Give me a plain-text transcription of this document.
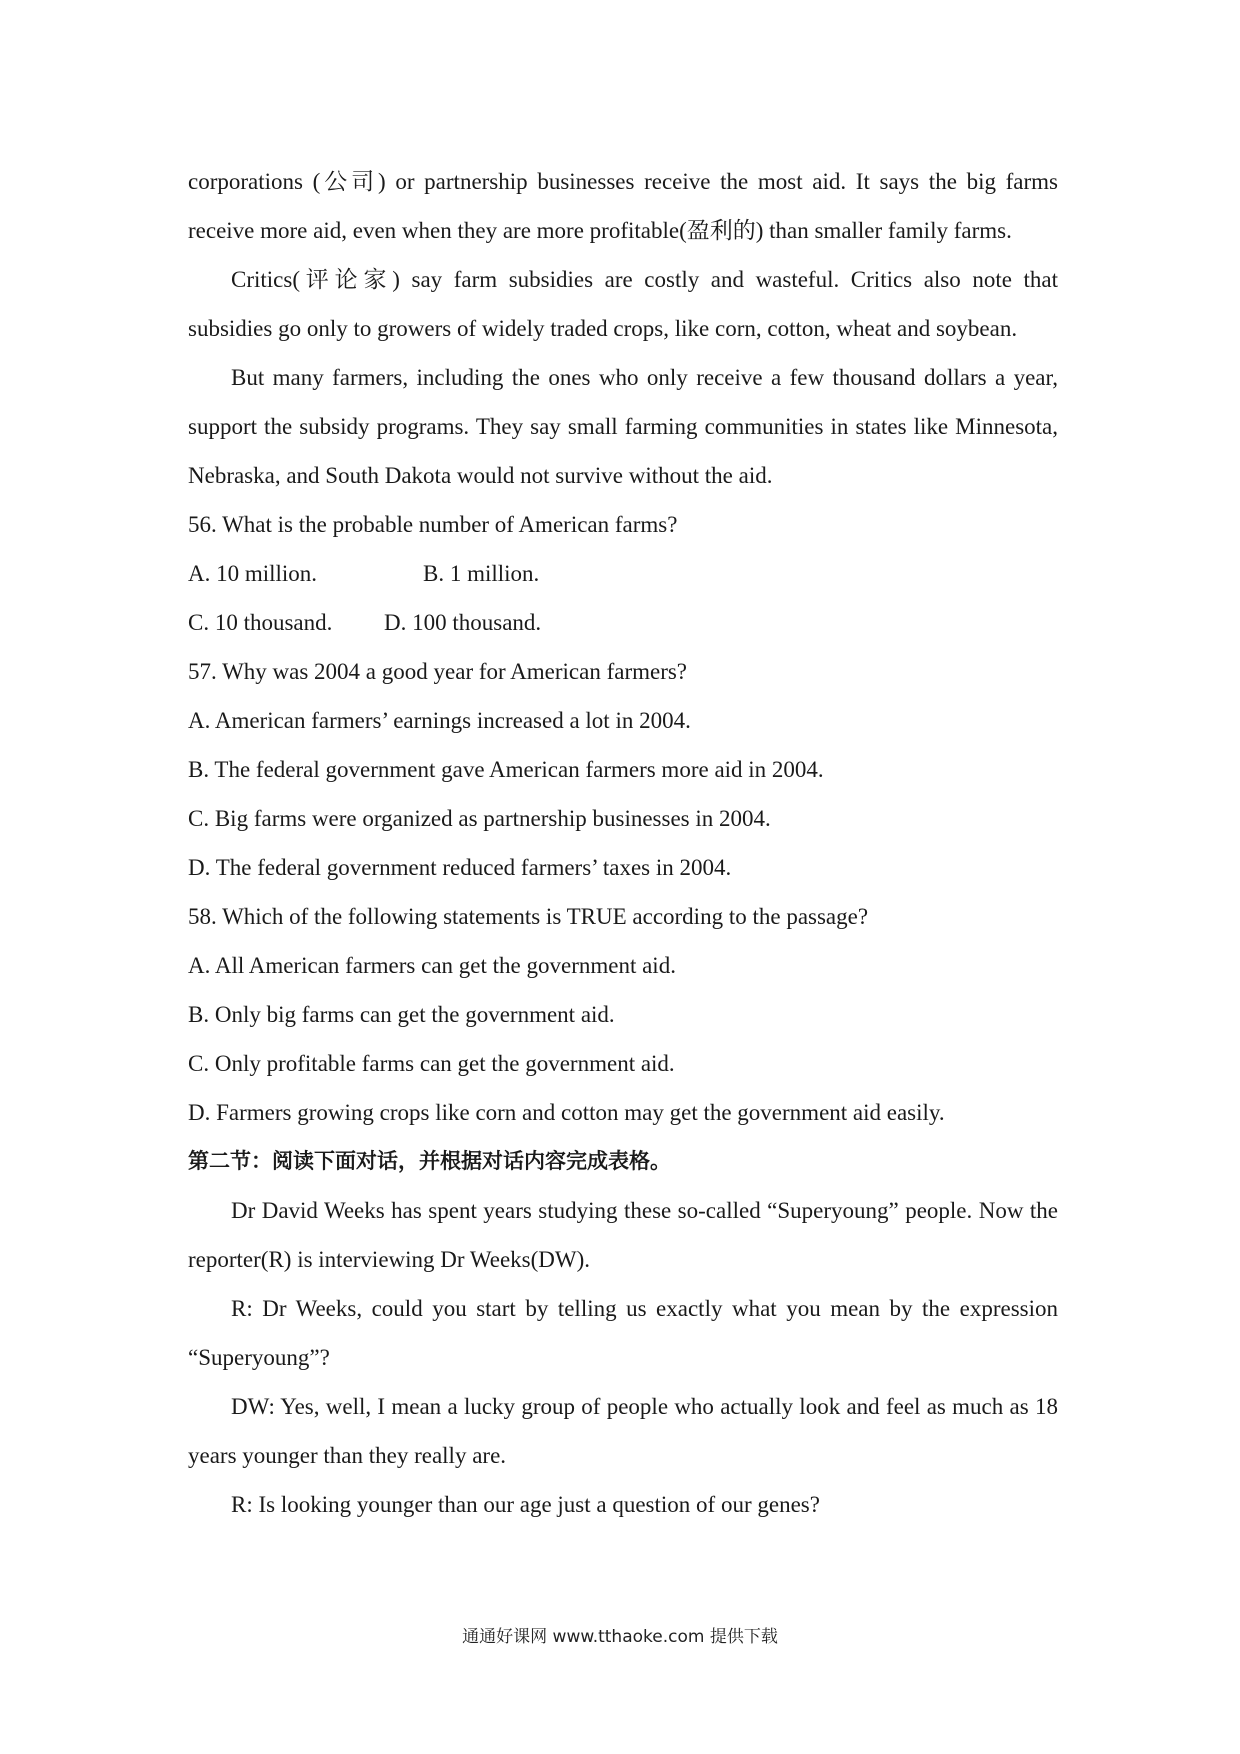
corporations (公司) or partnership businesses receive the most aid. It says the big farms receive more aid, even when they are more profitable(盈利的) than smaller family farms.

Critics(评论家) say farm subsidies are costly and wasteful. Critics also note that subsidies go only to growers of widely traded crops, like corn, cotton, wheat and soybean.

But many farmers, including the ones who only receive a few thousand dollars a year, support the subsidy programs. They say small farming communities in states like Minnesota, Nebraska, and South Dakota would not survive without the aid.

56. What is the probable number of American farms?

A. 10 million.	B. 1 million.

C. 10 thousand. D. 100 thousand.

57. Why was 2004 a good year for American farmers?

A. American farmers’ earnings increased a lot in 2004.

B. The federal government gave American farmers more aid in 2004.

C. Big farms were organized as partnership businesses in 2004.

D. The federal government reduced farmers’ taxes in 2004.

58. Which of the following statements is TRUE according to the passage?

A. All American farmers can get the government aid.

B. Only big farms can get the government aid.

C. Only profitable farms can get the government aid.

D. Farmers growing crops like corn and cotton may get the government aid easily.

第二节：阅读下面对话，并根据对话内容完成表格。

Dr David Weeks has spent years studying these so-called “Superyoung” people. Now the reporter(R) is interviewing Dr Weeks(DW).

R: Dr Weeks, could you start by telling us exactly what you mean by the expression “Superyoung”?

DW: Yes, well, I mean a lucky group of people who actually look and feel as much as 18 years younger than they really are.

R: Is looking younger than our age just a question of our genes?

通通好课网 www.tthaoke.com 提供下载
